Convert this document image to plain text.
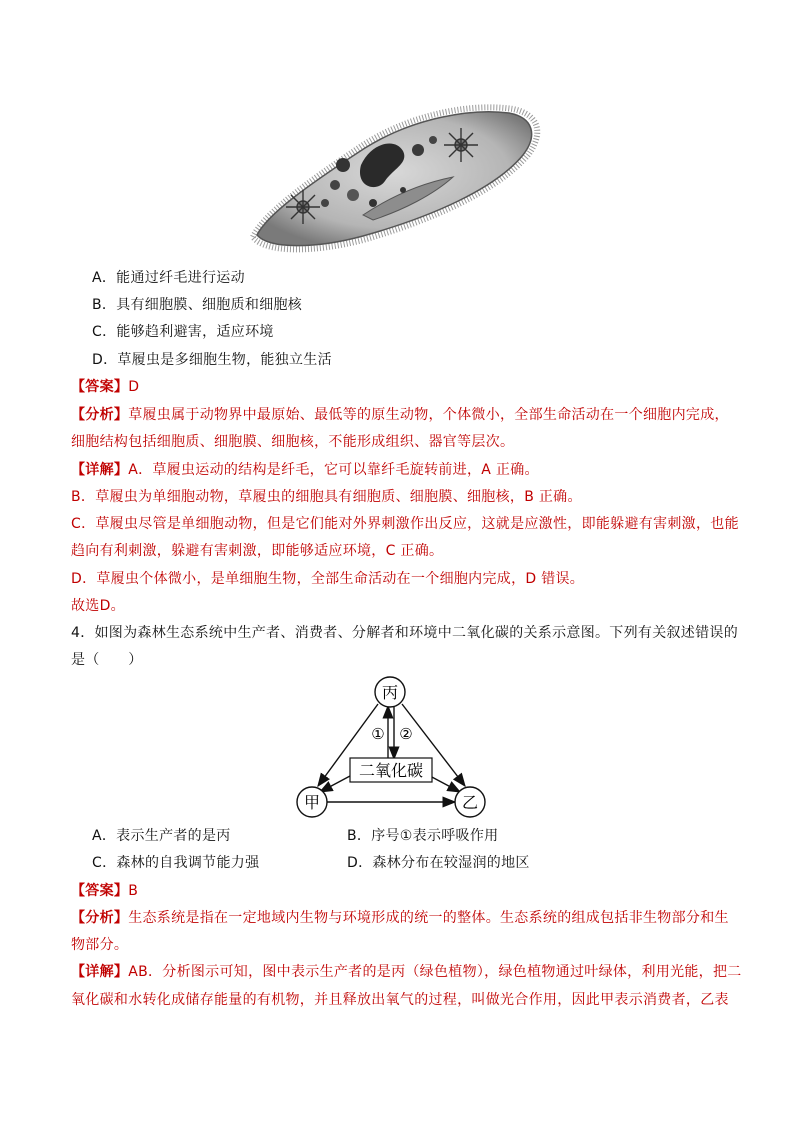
A．能通过纤毛进行运动
B．具有细胞膜、细胞质和细胞核
C．能够趋利避害，适应环境
D．草履虫是多细胞生物，能独立生活
【答案】D
【分析】草履虫属于动物界中最原始、最低等的原生动物，个体微小，全部生命活动在一个细胞内完成，
细胞结构包括细胞质、细胞膜、细胞核，不能形成组织、器官等层次。
【详解】A．草履虫运动的结构是纤毛，它可以靠纤毛旋转前进，A 正确。
B．草履虫为单细胞动物，草履虫的细胞具有细胞质、细胞膜、细胞核，B 正确。
C．草履虫尽管是单细胞动物，但是它们能对外界刺激作出反应，这就是应激性，即能躲避有害刺激，也能
趋向有利刺激，躲避有害刺激，即能够适应环境，C 正确。
D．草履虫个体微小，是单细胞生物，全部生命活动在一个细胞内完成，D 错误。
故选D。
4．如图为森林生态系统中生产者、消费者、分解者和环境中二氧化碳的关系示意图。下列有关叙述错误的
是（　　）
丙
甲	乙
二氧化碳
① ②
A．表示生产者的是丙	B．序号①表示呼吸作用
C．森林的自我调节能力强	D．森林分布在较湿润的地区
【答案】B
【分析】生态系统是指在一定地域内生物与环境形成的统一的整体。生态系统的组成包括非生物部分和生
物部分。
【详解】AB．分析图示可知，图中表示生产者的是丙（绿色植物），绿色植物通过叶绿体，利用光能，把二
氧化碳和水转化成储存能量的有机物，并且释放出氧气的过程，叫做光合作用，因此甲表示消费者，乙表
